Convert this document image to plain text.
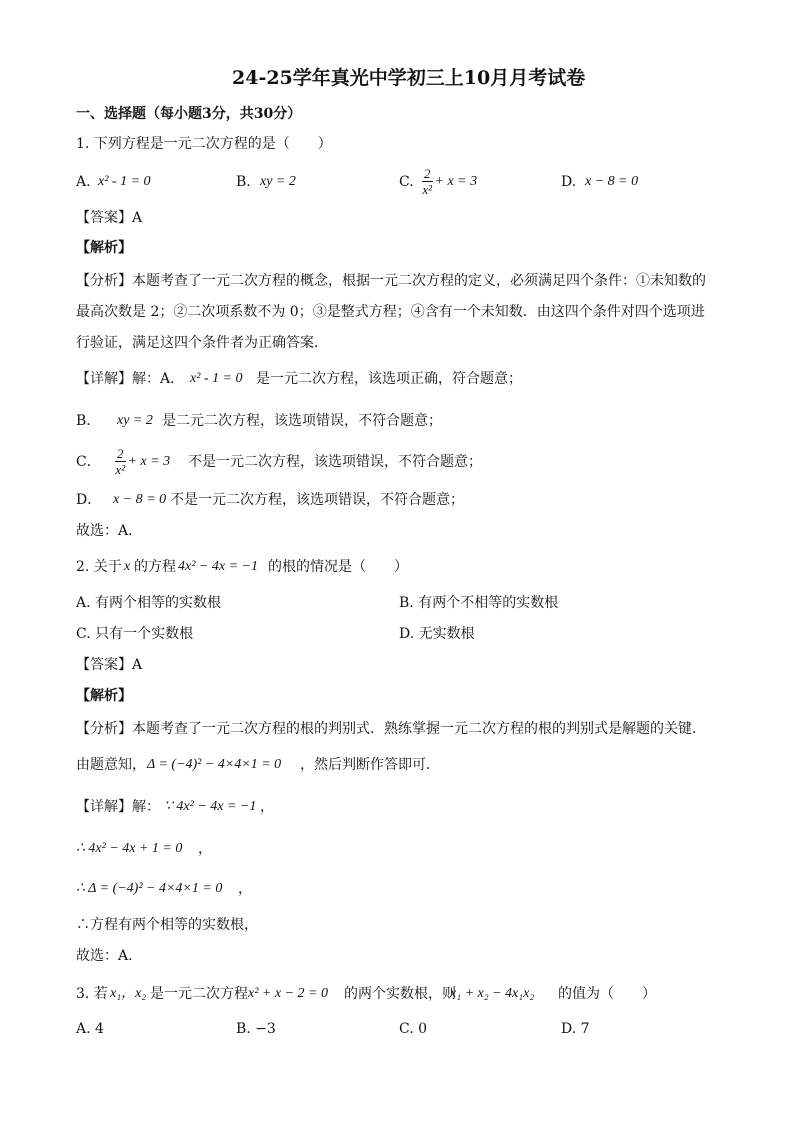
24-25学年真光中学初三上10月月考试卷
一、选择题（每小题3分，共30分）
1. 下列方程是一元二次方程的是（　　）
A. x² - 1 = 0	B. xy = 2	C. $\frac{2}{\text{x²}} + x = 3$	D. x − 8 = 0
【答案】A
【解析】
【分析】本题考查了一元二次方程的概念，根据一元二次方程的定义，必须满足四个条件：①未知数的
最高次数是 2；②二次项系数不为 0；③是整式方程；④含有一个未知数．由这四个条件对四个选项进
行验证，满足这四个条件者为正确答案．
【详解】解：A． x² - 1 = 0 是一元二次方程，该选项正确，符合题意；
B． xy = 2 是二元二次方程，该选项错误，不符合题意；
C． $\frac{2}{\text{x²}} + x = 3$ 不是一元二次方程，该选项错误，不符合题意；
D． x − 8 = 0 不是一元二次方程，该选项错误，不符合题意；
故选：A．
2. 关于 x 的方程 4x² − 4x = −1 的根的情况是（　　）
A. 有两个相等的实数根	B. 有两个不相等的实数根
C. 只有一个实数根	D. 无实数根
【答案】A
【解析】
【分析】本题考查了一元二次方程的根的判别式．熟练掌握一元二次方程的根的判别式是解题的关键．
由题意知， Δ = (−4)² − 4×4×1 = 0 ，然后判断作答即可．
【详解】解： ∵ 4x² − 4x = −1 ，
∴ 4x² − 4x + 1 = 0 ，
∴ Δ = (−4)² − 4×4×1 = 0 ，
∴方程有两个相等的实数根，
故选：A．
3. 若 x₁，x₂ 是一元二次方程 x² + x − 2 = 0 的两个实数根，则
x₁ + x₂ − 4x₁x₂ 的值为（　　）
A. 4	B. −3	C. 0	D. 7
